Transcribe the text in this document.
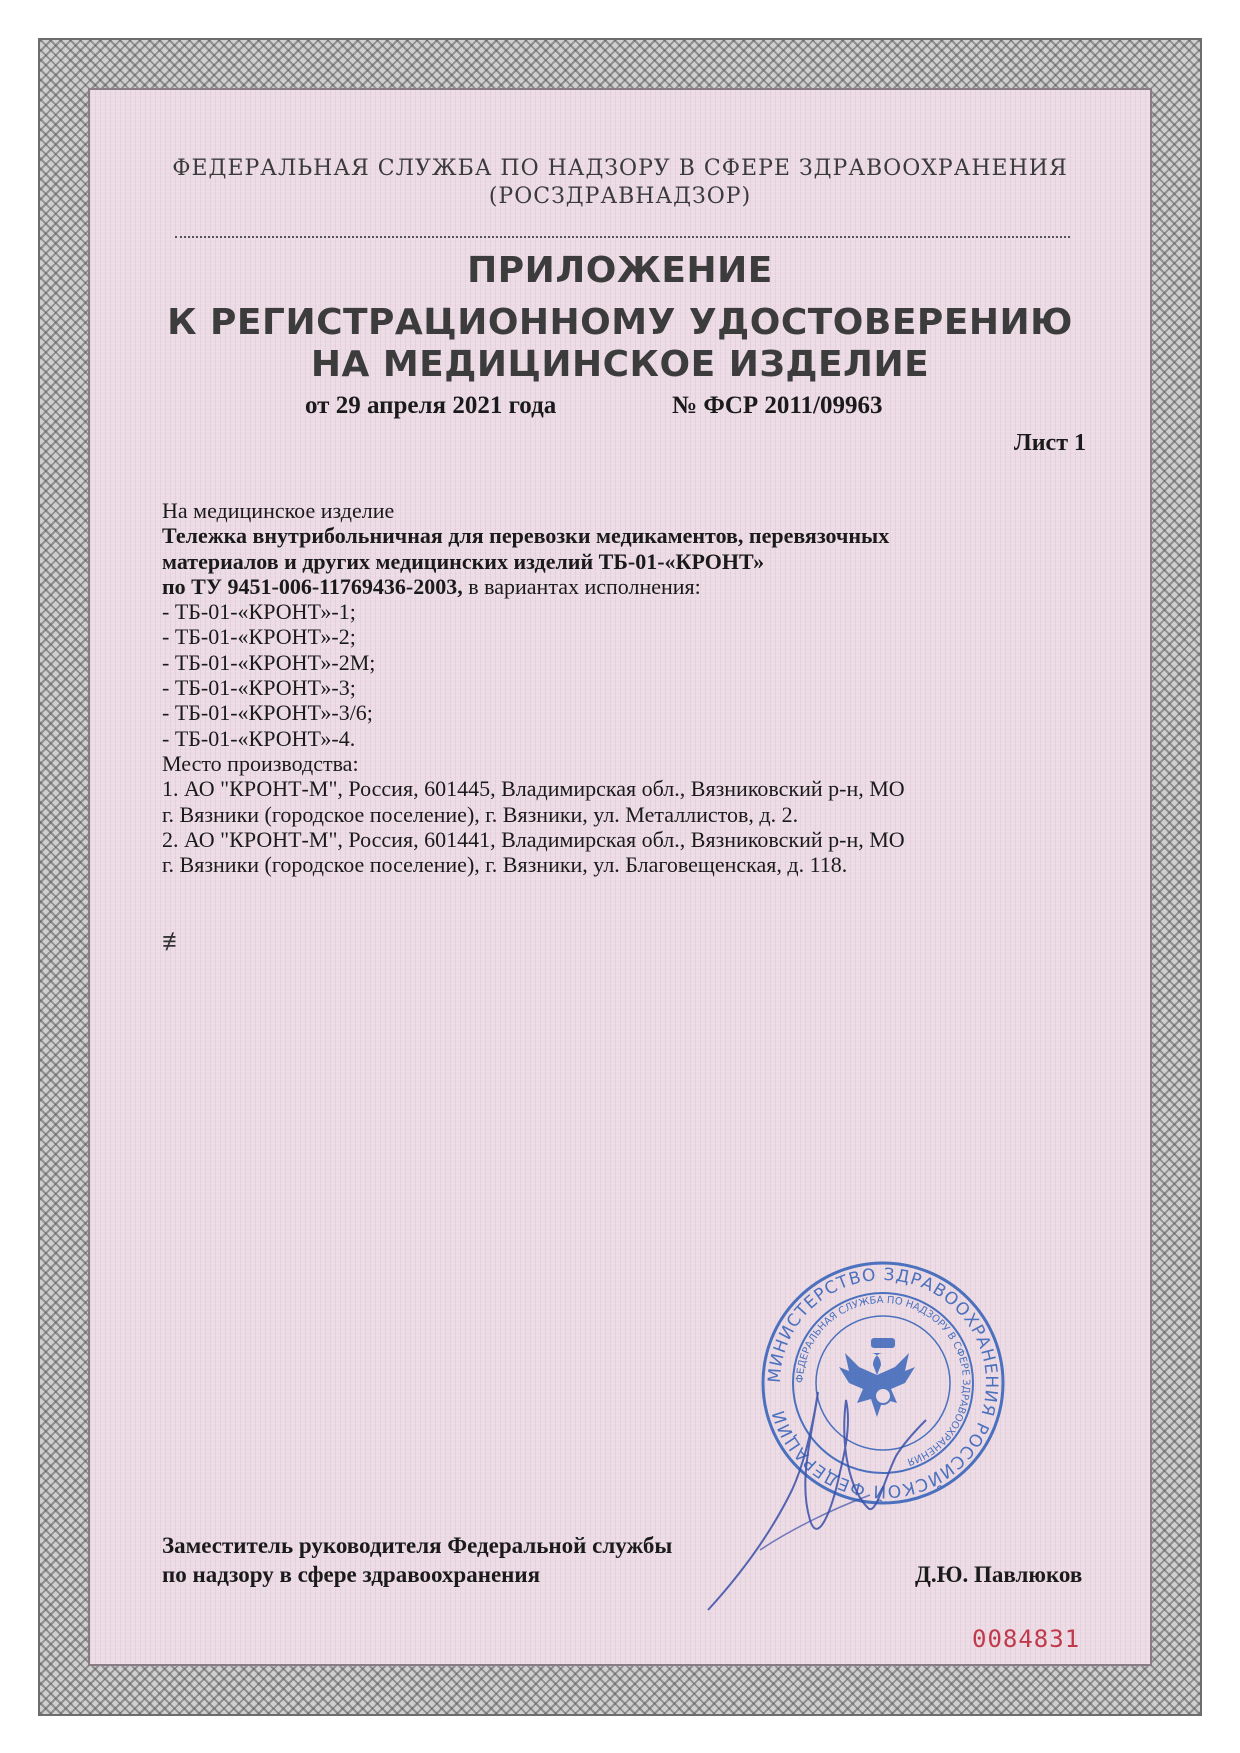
ФЕДЕРАЛЬНАЯ СЛУЖБА ПО НАДЗОРУ В СФЕРЕ ЗДРАВООХРАНЕНИЯ
(РОСЗДРАВНАДЗОР)
ПРИЛОЖЕНИЕ
К РЕГИСТРАЦИОННОМУ УДОСТОВЕРЕНИЮ
НА МЕДИЦИНСКОЕ ИЗДЕЛИЕ
от 29 апреля 2021 года	№ ФСР 2011/09963
Лист 1
На медицинское изделие
Тележка внутрибольничная для перевозки медикаментов, перевязочных
материалов и других медицинских изделий ТБ-01-«КРОНТ»
по ТУ 9451-006-11769436-2003, в вариантах исполнения:
- ТБ-01-«КРОНТ»-1;
- ТБ-01-«КРОНТ»-2;
- ТБ-01-«КРОНТ»-2М;
- ТБ-01-«КРОНТ»-3;
- ТБ-01-«КРОНТ»-3/6;
- ТБ-01-«КРОНТ»-4.
Место производства:
1. АО "КРОНТ-М", Россия, 601445, Владимирская обл., Вязниковский р-н, МО
г. Вязники (городское поселение), г. Вязники, ул. Металлистов, д. 2.
2. АО "КРОНТ-М", Россия, 601441, Владимирская обл., Вязниковский р-н, МО
г. Вязники (городское поселение), г. Вязники, ул. Благовещенская, д. 118.
≢
МИНИСТЕРСТВО ЗДРАВООХРАНЕНИЯ РОССИЙСКОЙ ФЕДЕРАЦИИ
ФЕДЕРАЛЬНАЯ СЛУЖБА ПО НАДЗОРУ В СФЕРЕ ЗДРАВООХРАНЕНИЯ
Заместитель руководителя Федеральной службы
по надзору в сфере здравоохранения	Д.Ю. Павлюков
0084831
